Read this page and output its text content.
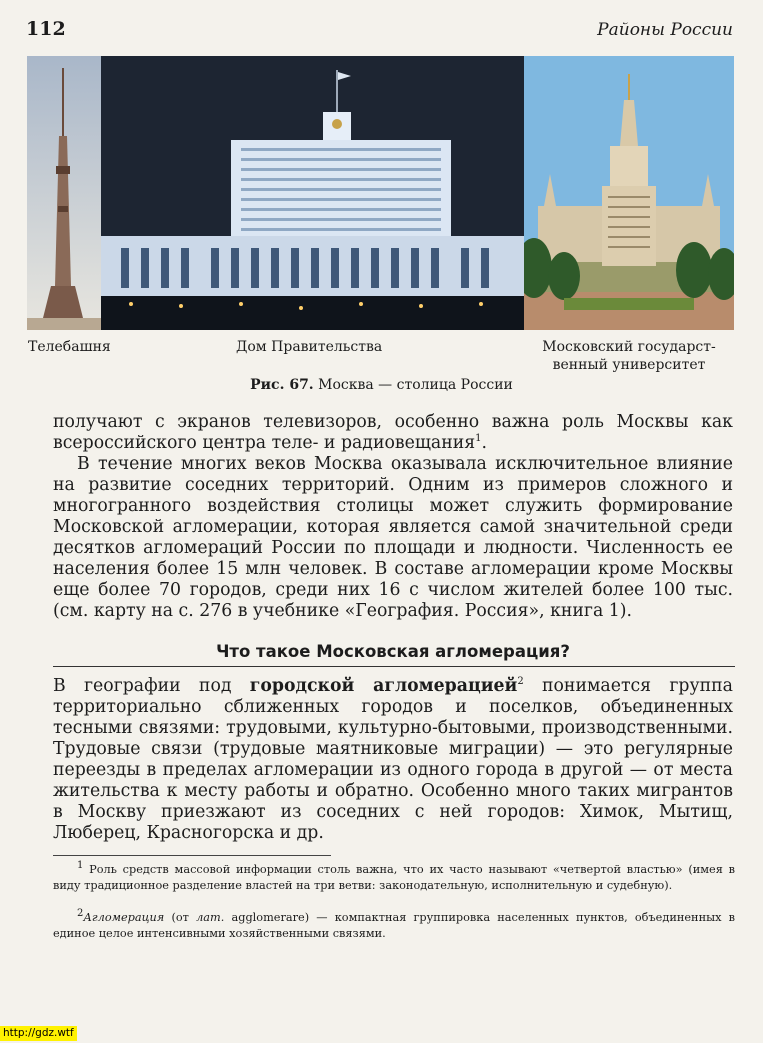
112	Районы России
Телебашня	Дом Правительства	Московский государст-
венный университет
Рис. 67. Москва — столица России

получают с экранов телевизоров, особенно важна роль Москвы как всероссийского центра теле- и радиовещания$^1$.

В течение многих веков Москва оказывала исключительное влияние на развитие соседних территорий. Одним из примеров сложного и многогранного воздействия столицы может служить формирование Московской агломерации, которая является самой значительной среди десятков агломераций России по площади и людности. Численность ее населения более 15 млн человек. В составе агломерации кроме Москвы еще более 70 городов, среди них 16 с числом жителей более 100 тыс. (см. карту на с. 276 в учебнике «География. Россия», книга 1).

Что такое Московская агломерация?

В географии под городской агломерацией$^2$ понимается группа территориально сближенных городов и поселков, объединенных тесными связями: трудовыми, культурно-бытовыми, производственными. Трудовые связи (трудовые маятниковые миграции) — это регулярные переезды в пределах агломерации из одного города в другой — от места жительства к месту работы и обратно. Особенно много таких мигрантов в Москву приезжают из соседних с ней городов: Химок, Мытищ, Люберец, Красногорска и др.

$^1$ Роль средств массовой информации столь важна, что их часто называют «четвертой властью» (имея в виду традиционное разделение властей на три ветви: законодательную, исполнительную и судебную).
$^2$Агломерация (от лат. agglomerare) — компактная группировка населенных пунктов, объединенных в единое целое интенсивными хозяйственными связями.
http://gdz.wtf
